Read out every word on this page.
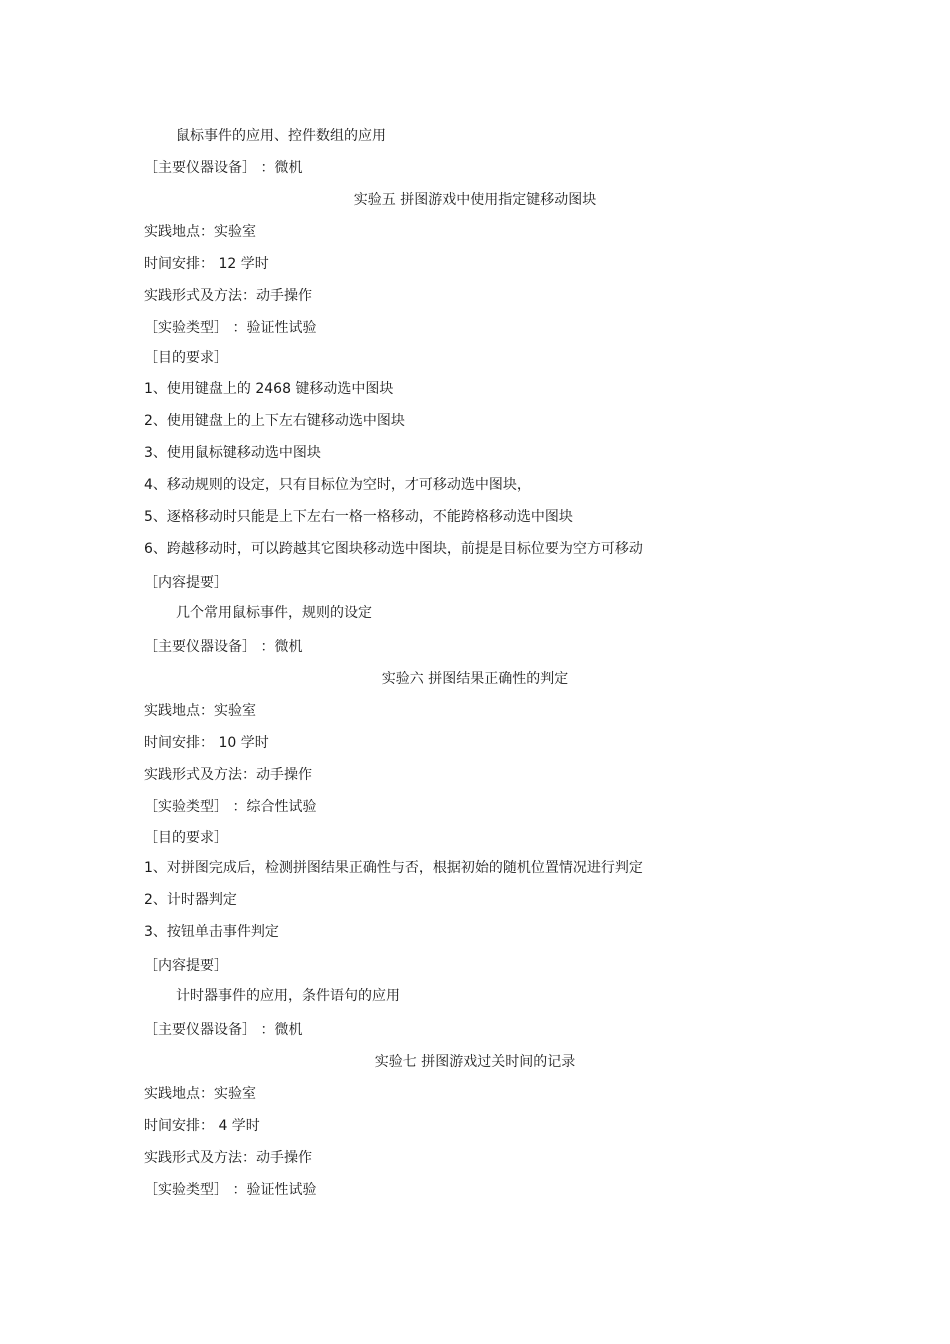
鼠标事件的应用、控件数组的应用
［主要仪器设备］ ：微机
实验五 拼图游戏中使用指定键移动图块
实践地点：实验室
时间安排： 12 学时
实践形式及方法：动手操作
［实验类型］ ：验证性试验
［目的要求］
1、使用键盘上的 2468 键移动选中图块
2、使用键盘上的上下左右键移动选中图块
3、使用鼠标键移动选中图块
4、移动规则的设定，只有目标位为空时，才可移动选中图块，
5、逐格移动时只能是上下左右一格一格移动，不能跨格移动选中图块
6、跨越移动时，可以跨越其它图块移动选中图块，前提是目标位要为空方可移动
［内容提要］
几个常用鼠标事件，规则的设定
［主要仪器设备］ ：微机
实验六 拼图结果正确性的判定
实践地点：实验室
时间安排： 10 学时
实践形式及方法：动手操作
［实验类型］ ：综合性试验
［目的要求］
1、对拼图完成后，检测拼图结果正确性与否，根据初始的随机位置情况进行判定
2、计时器判定
3、按钮单击事件判定
［内容提要］
计时器事件的应用，条件语句的应用
［主要仪器设备］ ：微机
实验七 拼图游戏过关时间的记录
实践地点：实验室
时间安排： 4 学时
实践形式及方法：动手操作
［实验类型］ ：验证性试验
